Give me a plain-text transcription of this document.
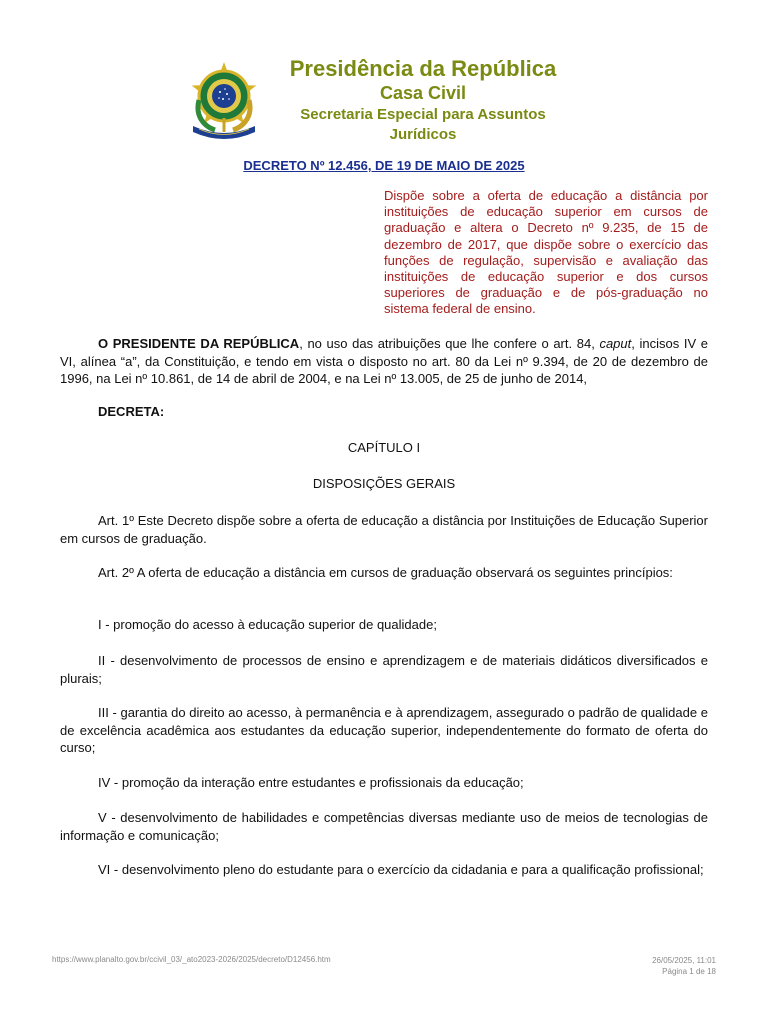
Presidência da República
Casa Civil
Secretaria Especial para Assuntos
Jurídicos
DECRETO Nº 12.456, DE 19 DE MAIO DE 2025
Dispõe sobre a oferta de educação a distância por instituições de educação superior em cursos de graduação e altera o Decreto nº 9.235, de 15 de dezembro de 2017, que dispõe sobre o exercício das funções de regulação, supervisão e avaliação das instituições de educação superior e dos cursos superiores de graduação e de pós-graduação no sistema federal de ensino.
O PRESIDENTE DA REPÚBLICA, no uso das atribuições que lhe confere o art. 84, caput, incisos IV e VI, alínea “a”, da Constituição, e tendo em vista o disposto no art. 80 da Lei nº 9.394, de 20 de dezembro de 1996, na Lei nº 10.861, de 14 de abril de 2004, e na Lei nº 13.005, de 25 de junho de 2014,
DECRETA:
CAPÍTULO I
DISPOSIÇÕES GERAIS
Art. 1º Este Decreto dispõe sobre a oferta de educação a distância por Instituições de Educação Superior em cursos de graduação.
Art. 2º A oferta de educação a distância em cursos de graduação observará os seguintes princípios:
I - promoção do acesso à educação superior de qualidade;
II - desenvolvimento de processos de ensino e aprendizagem e de materiais didáticos diversificados e plurais;
III - garantia do direito ao acesso, à permanência e à aprendizagem, assegurado o padrão de qualidade e de excelência acadêmica aos estudantes da educação superior, independentemente do formato de oferta do curso;
IV - promoção da interação entre estudantes e profissionais da educação;
V - desenvolvimento de habilidades e competências diversas mediante uso de meios de tecnologias de informação e comunicação;
VI - desenvolvimento pleno do estudante para o exercício da cidadania e para a qualificação profissional;
https://www.planalto.gov.br/ccivil_03/_ato2023-2026/2025/decreto/D12456.htm	26/05/2025, 11:01
Página 1 de 18
